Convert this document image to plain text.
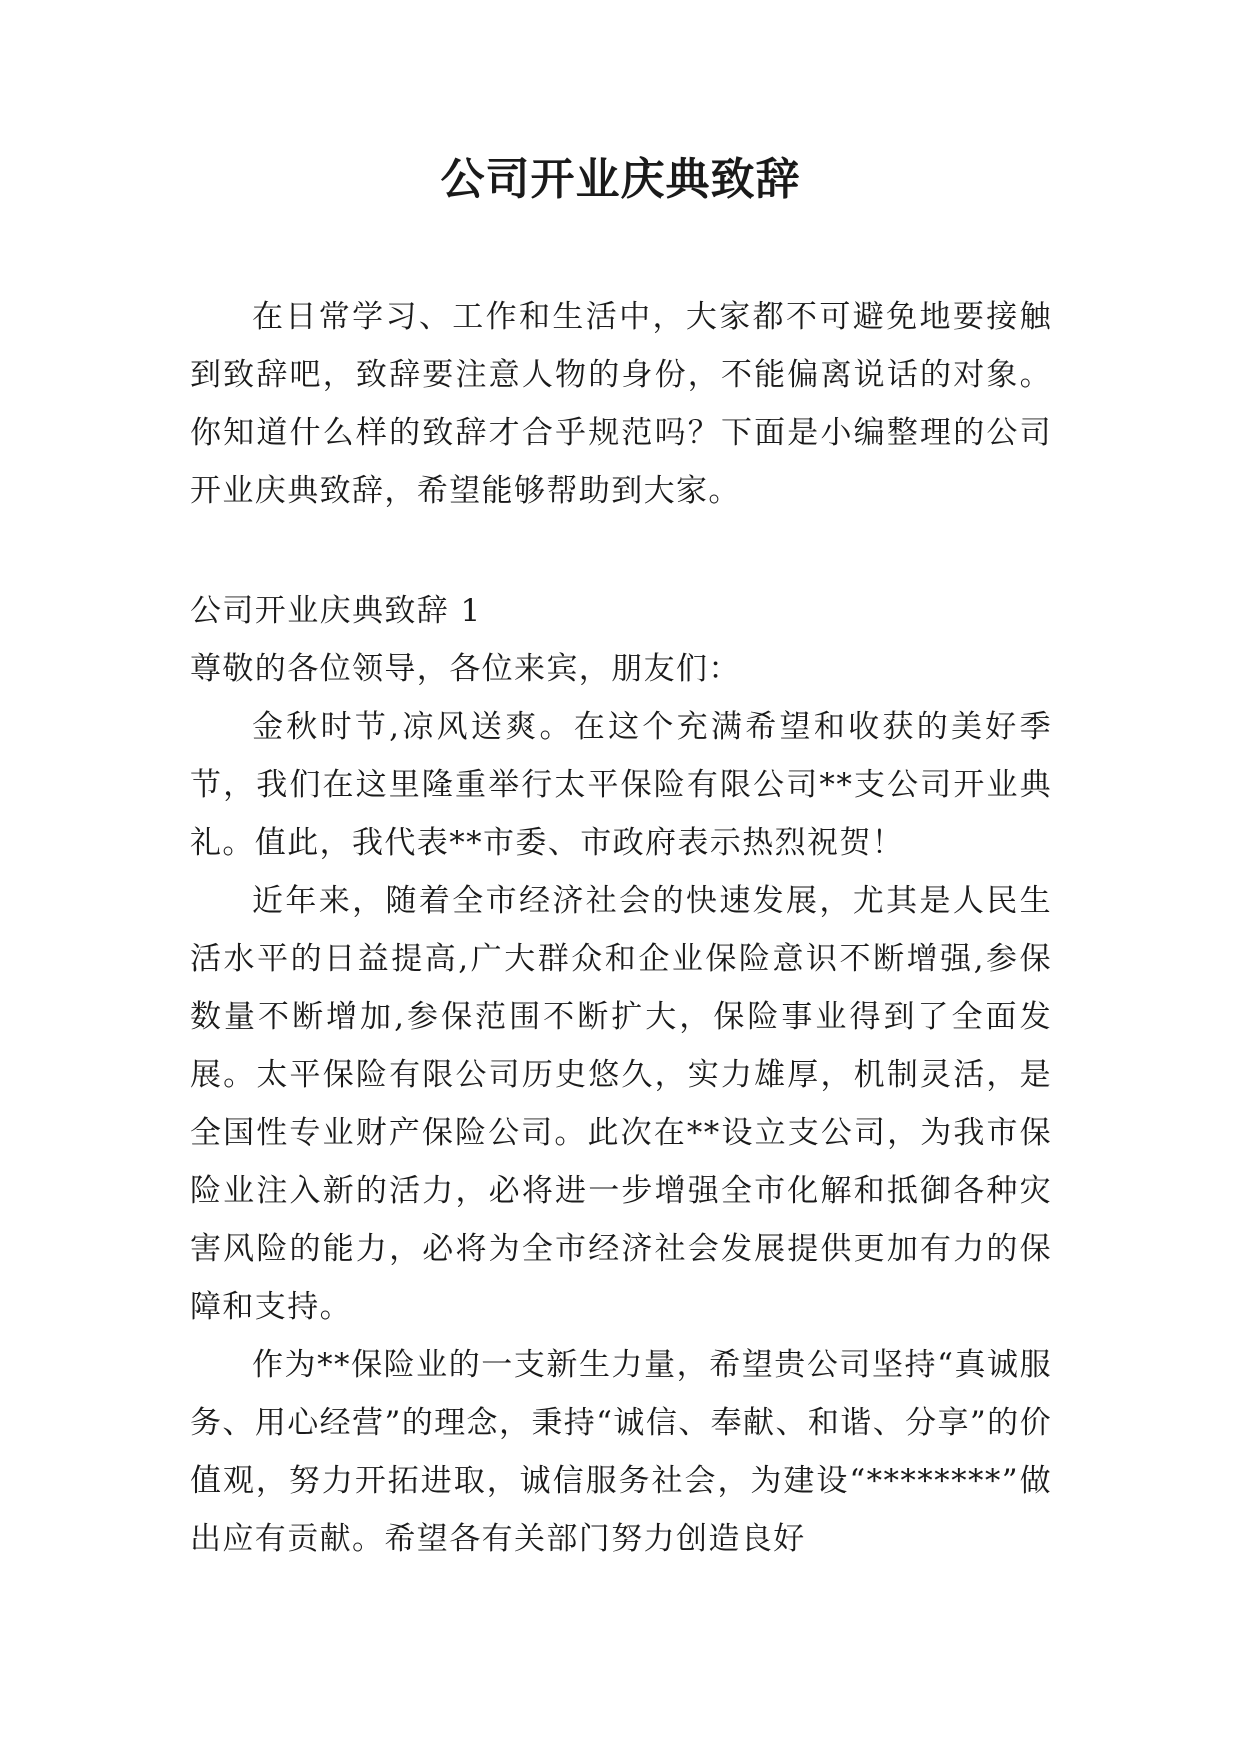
公司开业庆典致辞

在日常学习、工作和生活中，大家都不可避免地要接触到致辞吧，致辞要注意人物的身份，不能偏离说话的对象。你知道什么样的致辞才合乎规范吗？下面是小编整理的公司开业庆典致辞，希望能够帮助到大家。

公司开业庆典致辞 1

尊敬的各位领导，各位来宾，朋友们：

金秋时节,凉风送爽。在这个充满希望和收获的美好季节，我们在这里隆重举行太平保险有限公司**支公司开业典礼。值此，我代表**市委、市政府表示热烈祝贺！

近年来，随着全市经济社会的快速发展，尤其是人民生活水平的日益提高,广大群众和企业保险意识不断增强,参保数量不断增加,参保范围不断扩大，保险事业得到了全面发展。太平保险有限公司历史悠久，实力雄厚，机制灵活，是全国性专业财产保险公司。此次在**设立支公司，为我市保险业注入新的活力，必将进一步增强全市化解和抵御各种灾害风险的能力，必将为全市经济社会发展提供更加有力的保障和支持。

作为**保险业的一支新生力量，希望贵公司坚持“真诚服务、用心经营”的理念，秉持“诚信、奉献、和谐、分享”的价值观，努力开拓进取，诚信服务社会，为建设“********”做出应有贡献。希望各有关部门努力创造良好
